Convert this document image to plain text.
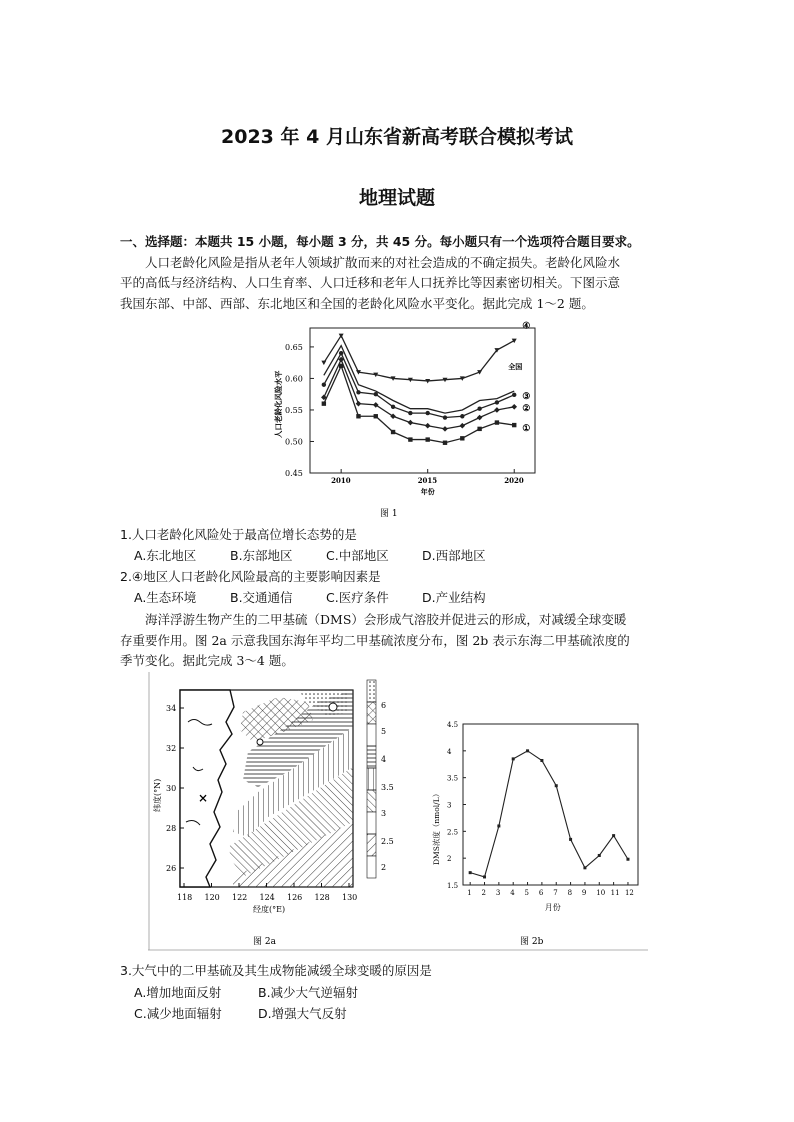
2023 年 4 月山东省新高考联合模拟考试
地理试题
一、选择题：本题共 15 小题，每小题 3 分，共 45 分。每小题只有一个选项符合题目要求。
人口老龄化风险是指从老年人领域扩散而来的对社会造成的不确定损失。老龄化风险水
平的高低与经济结构、人口生育率、人口迁移和老年人口抚养比等因素密切相关。下图示意
我国东部、中部、西部、东北地区和全国的老龄化风险水平变化。据此完成 1～2 题。
0.45
0.50
0.55
0.60
0.65
2010	2015	2020
年份
人口老龄化风险水平
④
全国
③
②
①
图 1
1.人口老龄化风险处于最高位增长态势的是
A.东北地区	B.东部地区	C.中部地区	D.西部地区
2.④地区人口老龄化风险最高的主要影响因素是
A.生态环境	B.交通通信	C.医疗条件	D.产业结构
海洋浮游生物产生的二甲基硫（DMS）会形成气溶胶并促进云的形成，对减缓全球变暖
存重要作用。图 2a 示意我国东海年平均二甲基硫浓度分布，图 2b 表示东海二甲基硫浓度的
季节变化。据此完成 3～4 题。
×
34
32
30
28
26
118 120 122 124 126 128 130
纬度(°N)
经度(°E)
6
5
4
3.5
3
2.5
2
图 2a
1.5
2
2.5
3
3.5
4
4.5
1 2 3 4 5 6 7 8 9 10 11 12
月份
DMS浓度（nmol/L）
图 2b
3.大气中的二甲基硫及其生成物能减缓全球变暖的原因是
A.增加地面反射	B.减少大气逆辐射
C.减少地面辐射	D.增强大气反射
